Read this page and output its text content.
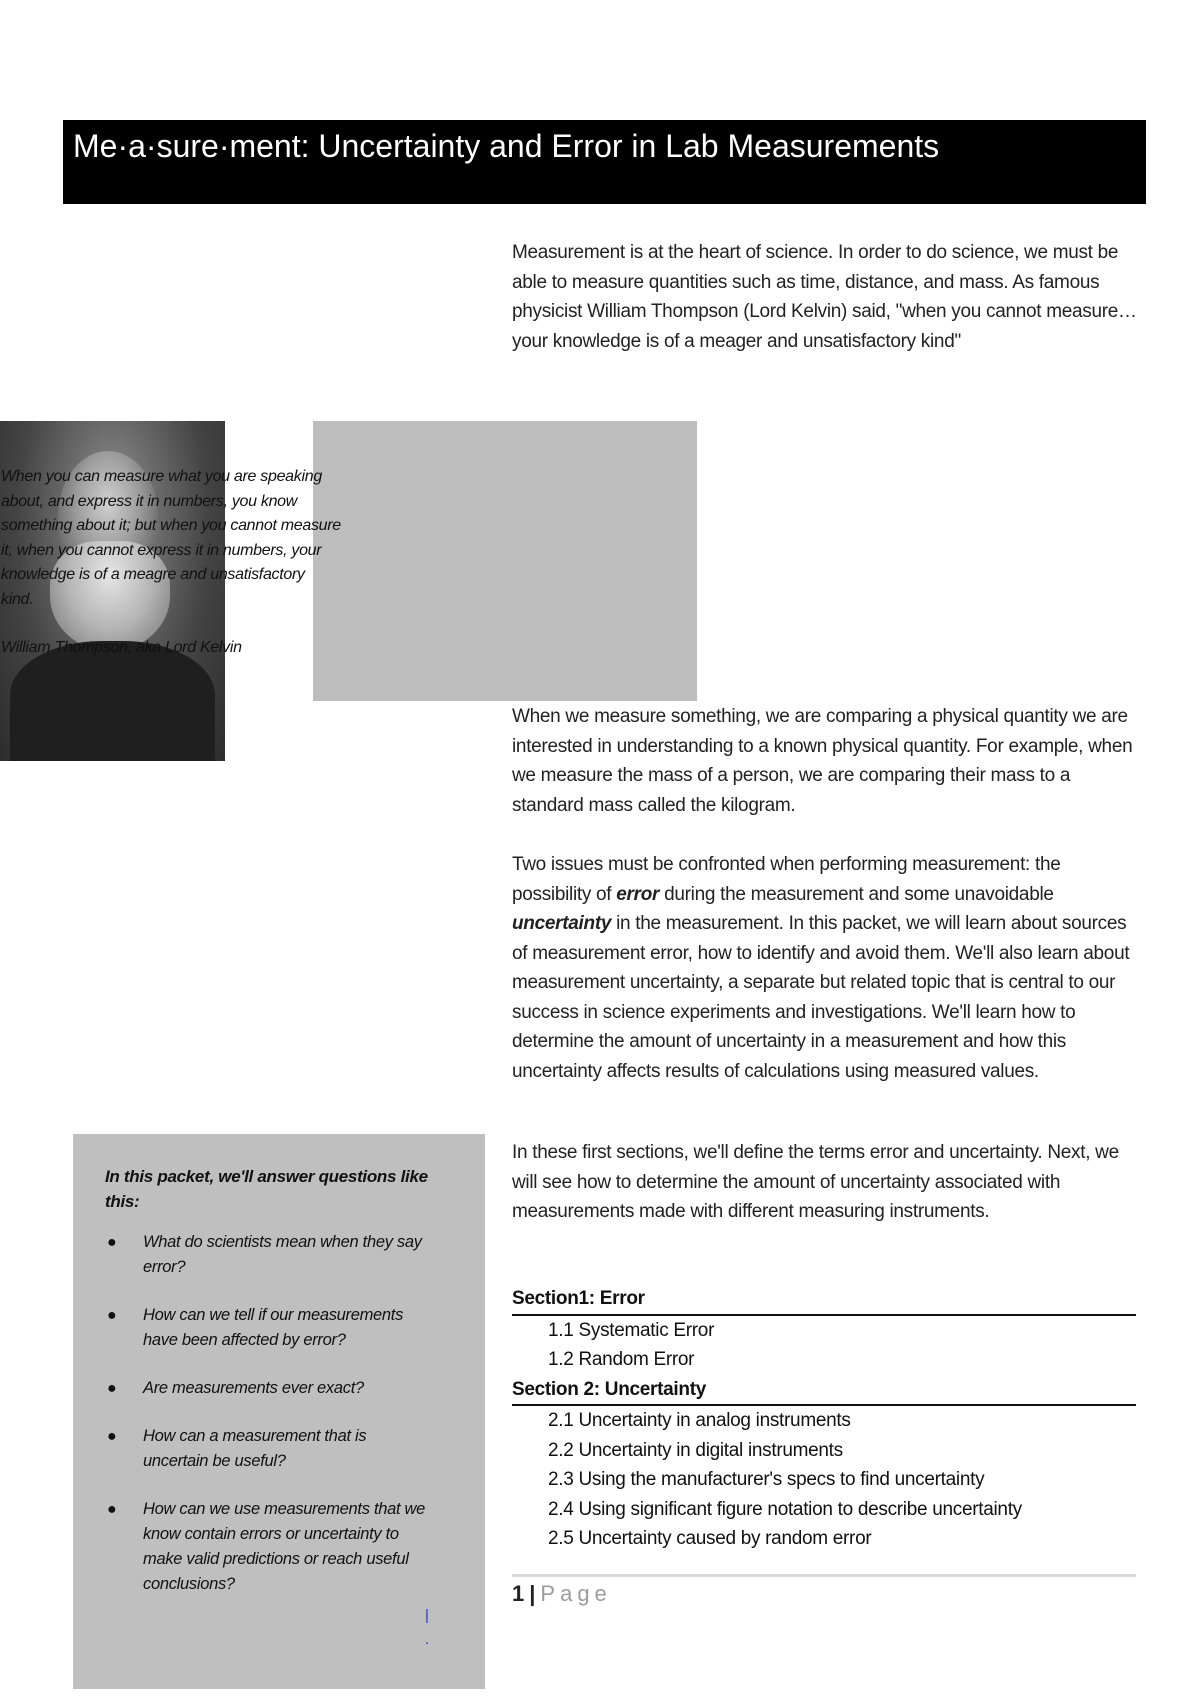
Me·a·sure·ment: Uncertainty and Error in Lab Measurements

Measurement is at the heart of science. In order to do science, we must be able to measure quantities such as time, distance, and mass. As famous physicist William Thompson (Lord Kelvin) said, "when you cannot measure… your knowledge is of a meager and unsatisfactory kind"

When you can measure what you are speaking about, and express it in numbers, you know something about it; but when you cannot measure it, when you cannot express it in numbers, your knowledge is of a meagre and unsatisfactory kind.

William Thompson, aka Lord Kelvin

When we measure something, we are comparing a physical quantity we are interested in understanding to a known physical quantity. For example, when we measure the mass of a person, we are comparing their mass to a standard mass called the kilogram.

Two issues must be confronted when performing measurement: the possibility of error during the measurement and some unavoidable uncertainty in the measurement. In this packet, we will learn about sources of measurement error, how to identify and avoid them. We'll also learn about measurement uncertainty, a separate but related topic that is central to our success in science experiments and investigations. We'll learn how to determine the amount of uncertainty in a measurement and how this uncertainty affects results of calculations using measured values.

In these first sections, we'll define the terms error and uncertainty. Next, we will see how to determine the amount of uncertainty associated with measurements made with different measuring instruments.

In this packet, we'll answer questions like this:
● What do scientists mean when they say error?
● How can we tell if our measurements have been affected by error?
● Are measurements ever exact?
● How can a measurement that is uncertain be useful?
● How can we use measurements that we know contain errors or uncertainty to make valid predictions or reach useful conclusions?
|
.
Section1: Error
1.1 Systematic Error
1.2 Random Error
Section 2: Uncertainty
2.1 Uncertainty in analog instruments
2.2 Uncertainty in digital instruments
2.3 Using the manufacturer's specs to find uncertainty
2.4 Using significant figure notation to describe uncertainty
2.5 Uncertainty caused by random error
1 | Page
